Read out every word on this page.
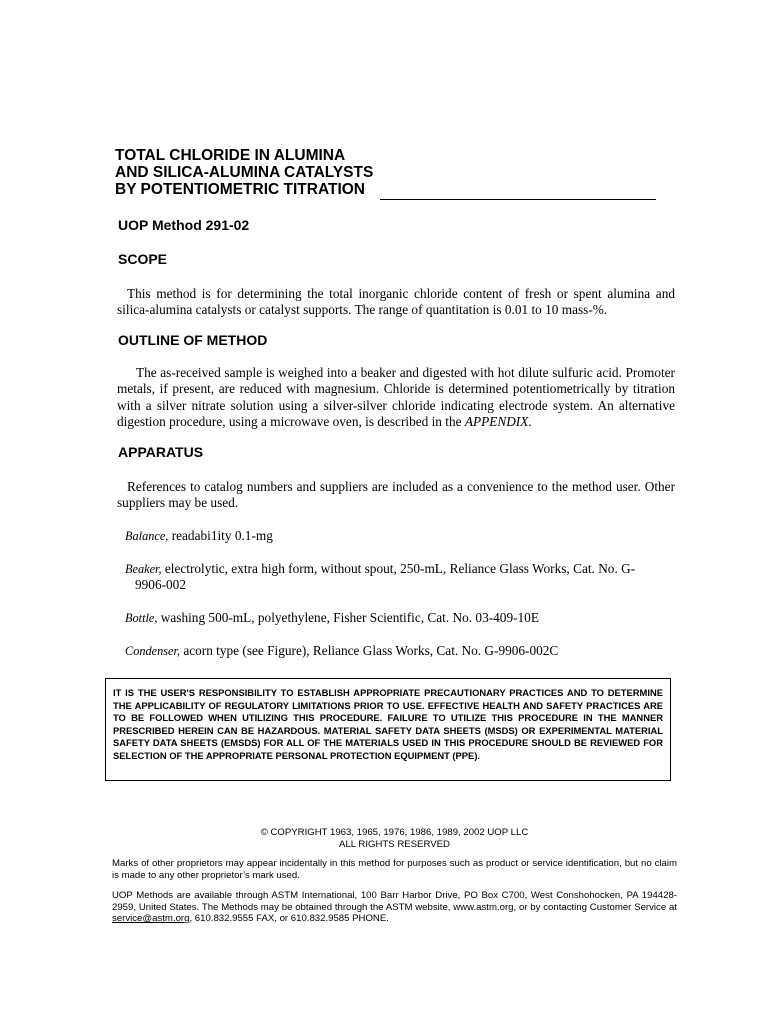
TOTAL CHLORIDE IN ALUMINA
AND SILICA-ALUMINA CATALYSTS
BY POTENTIOMETRIC TITRATION
UOP Method 291-02
SCOPE
This method is for determining the total inorganic chloride content of fresh or spent alumina and silica-alumina catalysts or catalyst supports. The range of quantitation is 0.01 to 10 mass-%.
OUTLINE OF METHOD
The as-received sample is weighed into a beaker and digested with hot dilute sulfuric acid. Promoter metals, if present, are reduced with magnesium. Chloride is determined potentiometrically by titration with a silver nitrate solution using a silver-silver chloride indicating electrode system. An alternative digestion procedure, using a microwave oven, is described in the APPENDIX.
APPARATUS
References to catalog numbers and suppliers are included as a convenience to the method user. Other suppliers may be used.
Balance, readabi1ity 0.1-mg
Beaker, electrolytic, extra high form, without spout, 250-mL, Reliance Glass Works, Cat. No. G-
9906-002
Bottle, washing 500-mL, polyethylene, Fisher Scientific, Cat. No. 03-409-10E
Condenser, acorn type (see Figure), Reliance Glass Works, Cat. No. G-9906-002C
IT IS THE USER'S RESPONSIBILITY TO ESTABLISH APPROPRIATE PRECAUTIONARY PRACTICES AND TO DETERMINE THE APPLICABILITY OF REGULATORY LIMITATIONS PRIOR TO USE. EFFECTIVE HEALTH AND SAFETY PRACTICES ARE TO BE FOLLOWED WHEN UTILIZING THIS PROCEDURE. FAILURE TO UTILIZE THIS PROCEDURE IN THE MANNER PRESCRIBED HEREIN CAN BE HAZARDOUS. MATERIAL SAFETY DATA SHEETS (MSDS) OR EXPERIMENTAL MATERIAL SAFETY DATA SHEETS (EMSDS) FOR ALL OF THE MATERIALS USED IN THIS PROCEDURE SHOULD BE REVIEWED FOR SELECTION OF THE APPROPRIATE PERSONAL PROTECTION EQUIPMENT (PPE).
© COPYRIGHT 1963, 1965, 1976, 1986, 1989, 2002 UOP LLC
ALL RIGHTS RESERVED
Marks of other proprietors may appear incidentally in this method for purposes such as product or service identification, but no claim is made to any other proprietor’s mark used.
UOP Methods are available through ASTM International, 100 Barr Harbor Drive, PO Box C700, West Conshohocken, PA 194428-2959, United States. The Methods may be obtained through the ASTM website, www.astm.org, or by contacting Customer Service at service@astm.org, 610.832.9555 FAX, or 610.832.9585 PHONE.
